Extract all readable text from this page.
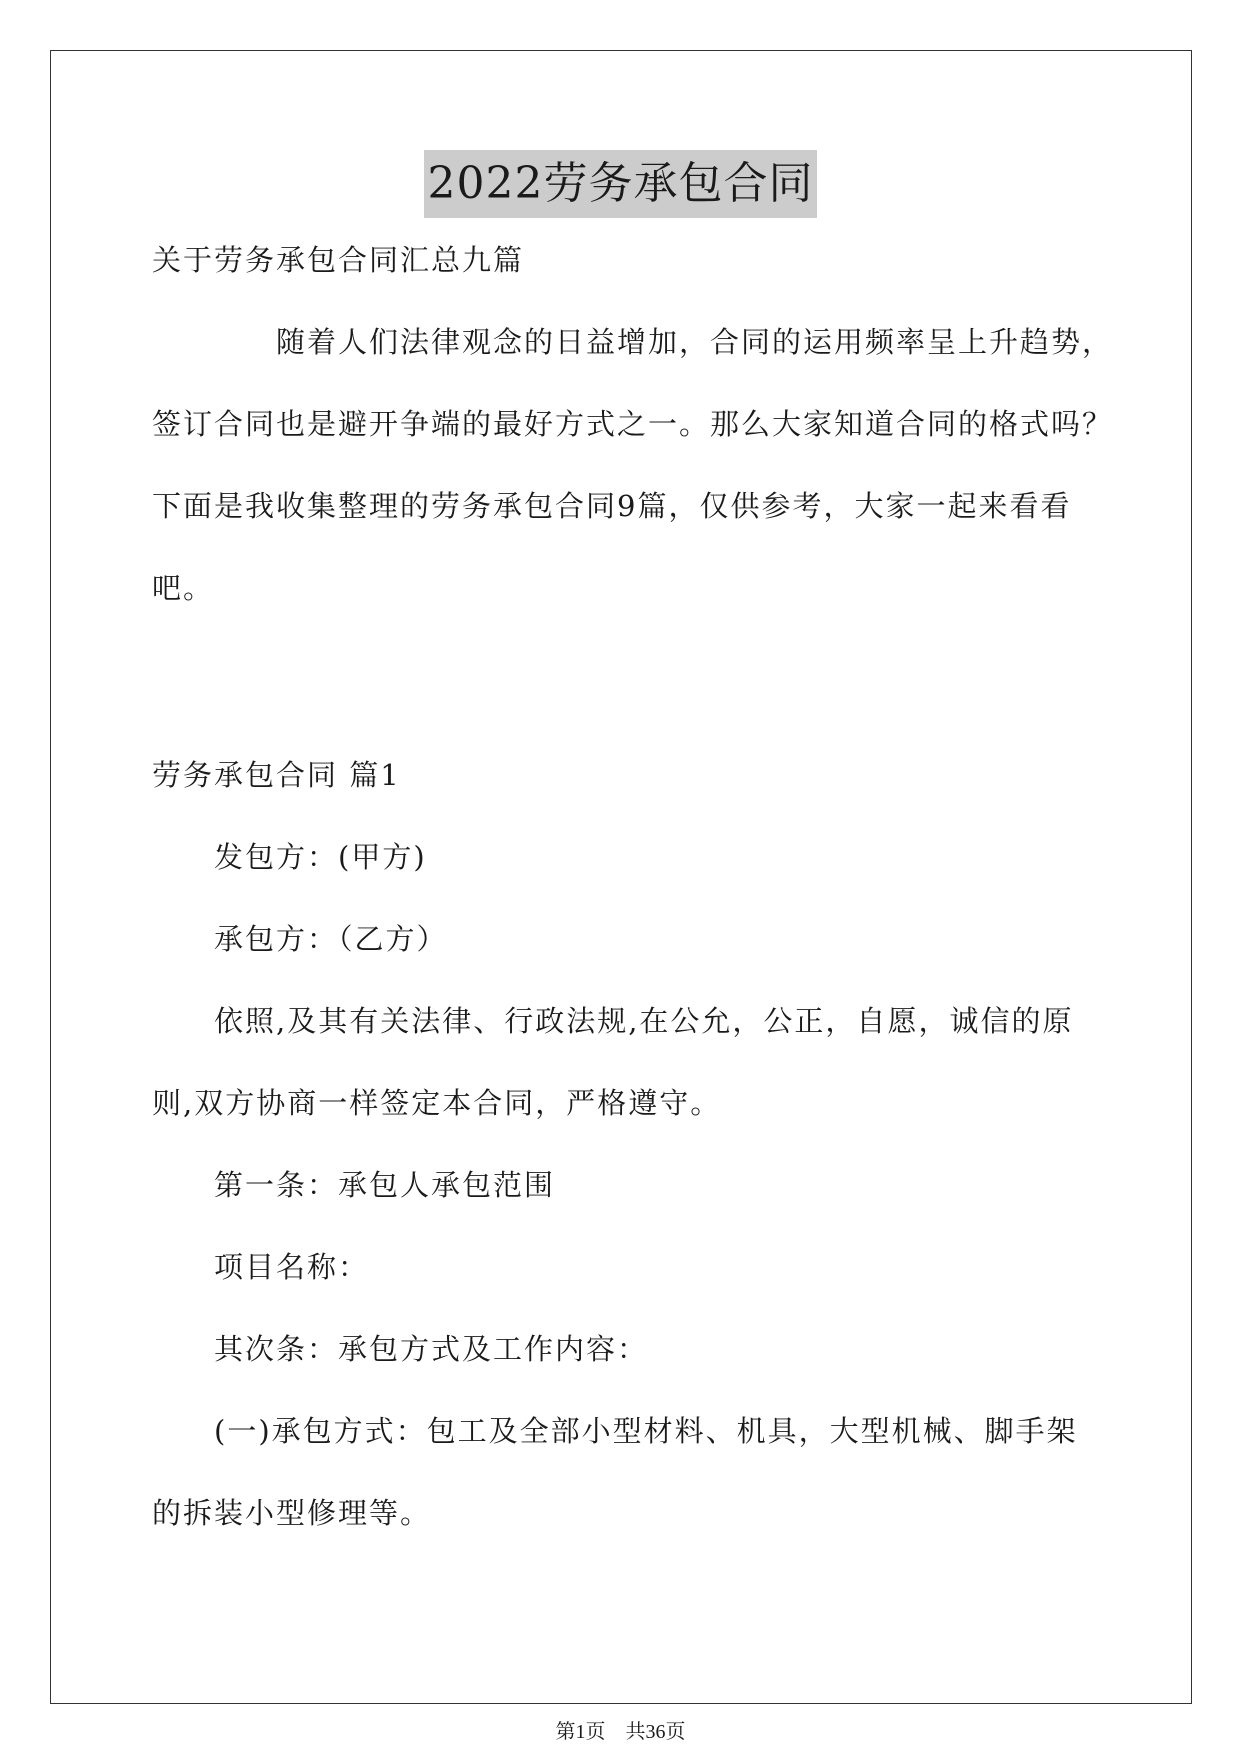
2022劳务承包合同
关于劳务承包合同汇总九篇
随着人们法律观念的日益增加，合同的运用频率呈上升趋势，
签订合同也是避开争端的最好方式之一。那么大家知道合同的格式吗？
下面是我收集整理的劳务承包合同9篇，仅供参考，大家一起来看看
吧。
劳务承包合同 篇1
发包方：(甲方)
承包方：（乙方）
依照,及其有关法律、行政法规,在公允，公正，自愿，诚信的原
则,双方协商一样签定本合同，严格遵守。
第一条：承包人承包范围
项目名称：
其次条：承包方式及工作内容：
(一)承包方式：包工及全部小型材料、机具，大型机械、脚手架
的拆装小型修理等。
第1页　共36页
